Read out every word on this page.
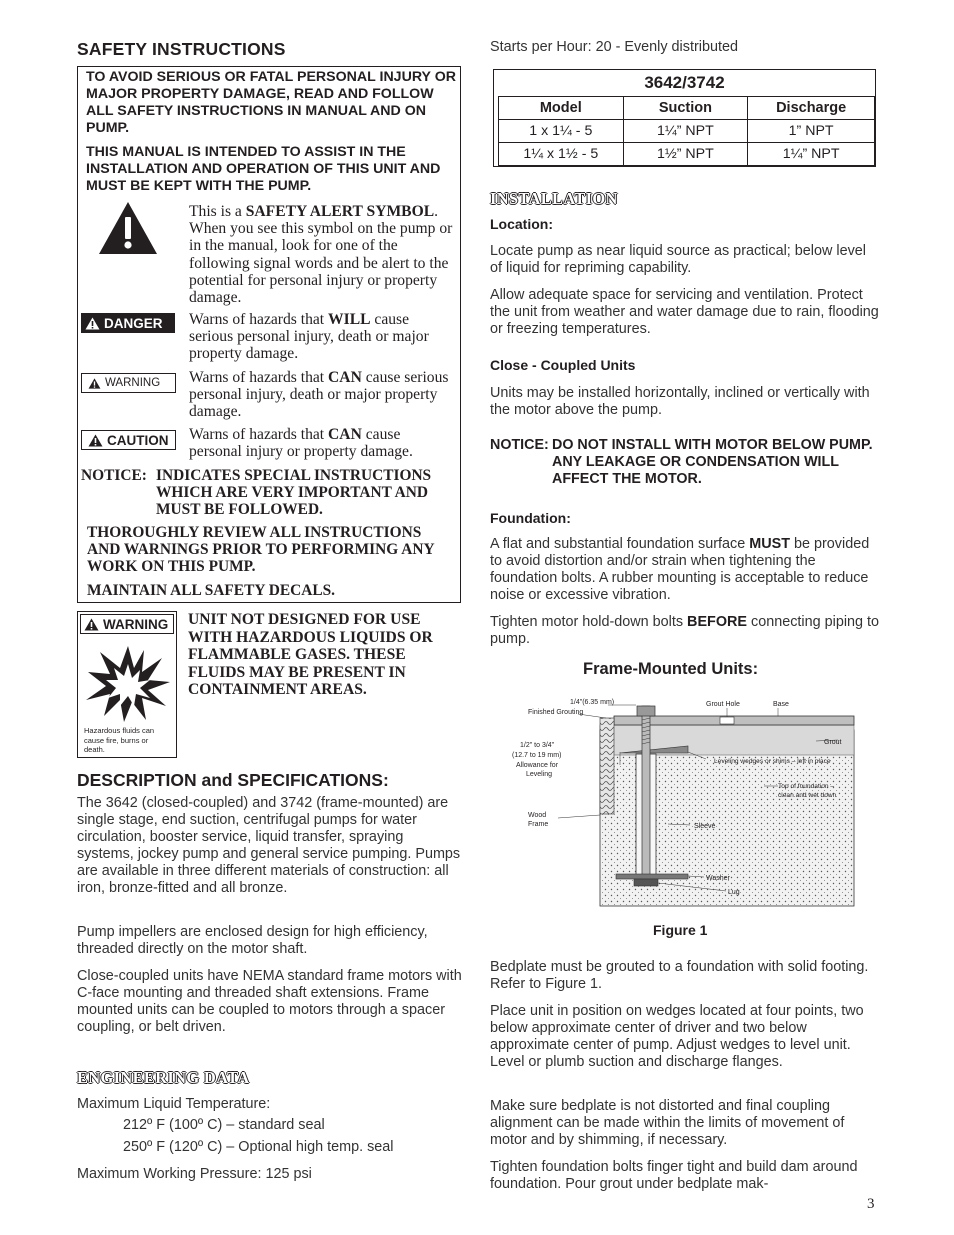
SAFETY INSTRUCTIONS

TO AVOID SERIOUS OR FATAL PERSONAL INJURY OR MAJOR PROPERTY DAMAGE, READ AND FOLLOW ALL SAFETY INSTRUCTIONS IN MANUAL AND ON PUMP.

THIS MANUAL IS INTENDED TO ASSIST IN THE INSTALLATION AND OPERATION OF THIS UNIT AND MUST BE KEPT WITH THE PUMP.

This is a SAFETY ALERT SYMBOL. When you see this symbol on the pump or in the manual, look for one of the following signal words and be alert to the potential for personal injury or property damage.

DANGER Warns of hazards that WILL cause serious personal injury, death or major property damage.

WARNING Warns of hazards that CAN cause serious personal injury, death or major property damage.

CAUTION Warns of hazards that CAN cause personal injury or property damage.

NOTICE: INDICATES SPECIAL INSTRUCTIONS WHICH ARE VERY IMPORTANT AND MUST BE FOLLOWED.

THOROUGHLY REVIEW ALL INSTRUCTIONS AND WARNINGS PRIOR TO PERFORMING ANY WORK ON THIS PUMP.

MAINTAIN ALL SAFETY DECALS.

WARNING

Hazardous fluids can cause fire, burns or death.

UNIT NOT DESIGNED FOR USE WITH HAZARDOUS LIQUIDS OR FLAMMABLE GASES. THESE FLUIDS MAY BE PRESENT IN CONTAINMENT AREAS.

DESCRIPTION and SPECIFICATIONS:

The 3642 (closed-coupled) and 3742 (frame-mounted) are single stage, end suction, centrifugal pumps for water circulation, booster service, liquid transfer, spraying systems, jockey pump and general service pumping. Pumps are available in three different materials of construction: all iron, bronze-fitted and all bronze.

Pump impellers are enclosed design for high efficiency, threaded directly on the motor shaft.

Close-coupled units have NEMA standard frame motors with C-face mounting and threaded shaft extensions. Frame mounted units can be coupled to motors through a spacer coupling, or belt driven.

ENGINEERING DATA

Maximum Liquid Temperature:

212º F (100º C) – standard seal

250º F (120º C) – Optional high temp. seal

Maximum Working Pressure: 125 psi

Starts per Hour: 20 - Evenly distributed

3642/3742
Model	Suction	Discharge
1 x 1¼ - 5	1¼” NPT	1” NPT
1¼ x 1½ - 5	1½” NPT	1¼” NPT
INSTALLATION
Location:

Locate pump as near liquid source as practical; below level of liquid for repriming capability.

Allow adequate space for servicing and ventilation. Protect the unit from weather and water damage due to rain, flooding or freezing temperatures.

Close - Coupled Units

Units may be installed horizontally, inclined or vertically with the motor above the pump.

NOTICE: DO NOT INSTALL WITH MOTOR BELOW PUMP. ANY LEAKAGE OR CONDENSATION WILL AFFECT THE MOTOR.
Foundation:

A flat and substantial foundation surface MUST be provided to avoid distortion and/or strain when tightening the foundation bolts. A rubber mounting is acceptable to reduce noise or excessive vibration.

Tighten motor hold-down bolts BEFORE connecting piping to pump.

Frame-Mounted Units:
1/4"(6.35 mm)
Finished Grouting
Grout Hole	Base
Grout
1/2" to 3/4"
(12.7 to 19 mm)
Allowance for
Leveling
Leveling wedges or shims – left in place
Top of foundation –
clean and wet down
Wood
Frame	Sleeve
Washer
Lug
Figure 1

Bedplate must be grouted to a foundation with solid footing. Refer to Figure 1.

Place unit in position on wedges located at four points, two below approximate center of driver and two below approximate center of pump. Adjust wedges to level unit. Level or plumb suction and discharge flanges.

Make sure bedplate is not distorted and final coupling alignment can be made within the limits of movement of motor and by shimming, if necessary.

Tighten foundation bolts finger tight and build dam around foundation. Pour grout under bedplate mak-

3
